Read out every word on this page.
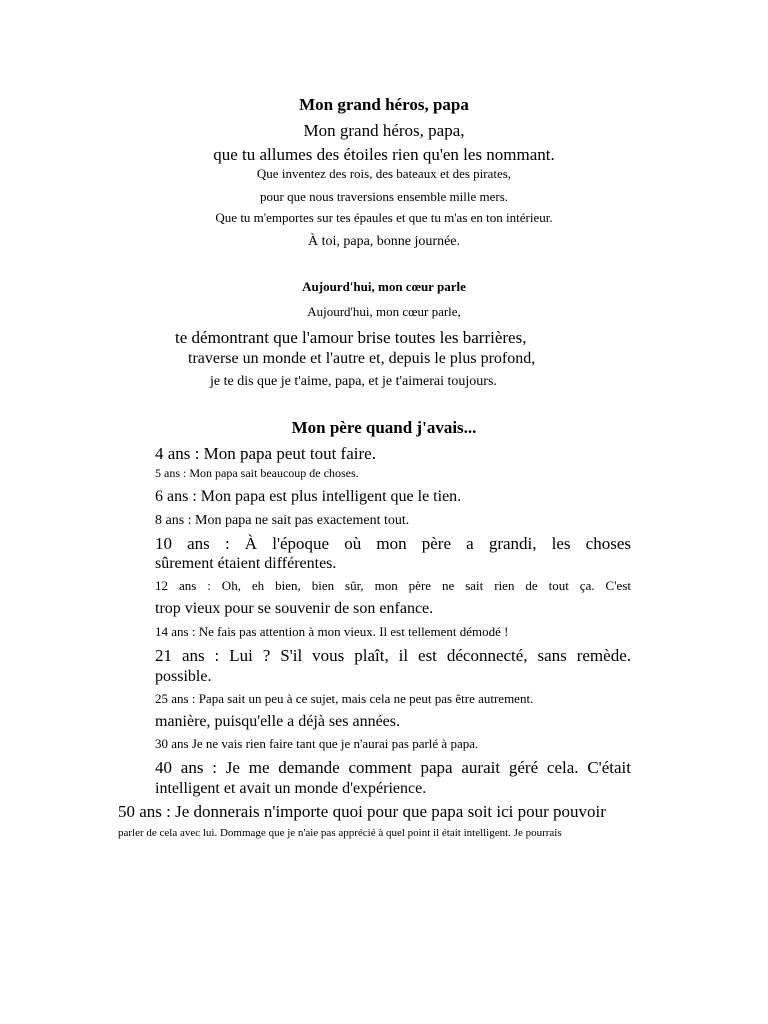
Mon grand héros, papa
Mon grand héros, papa,
que tu allumes des étoiles rien qu'en les nommant.
Que inventez des rois, des bateaux et des pirates,
pour que nous traversions ensemble mille mers.
Que tu m'emportes sur tes épaules et que tu m'as en ton intérieur.
À toi, papa, bonne journée.
Aujourd'hui, mon cœur parle
Aujourd'hui, mon cœur parle,
te démontrant que l'amour brise toutes les barrières,
traverse un monde et l'autre et, depuis le plus profond,
je te dis que je t'aime, papa, et je t'aimerai toujours.
Mon père quand j'avais...
4 ans : Mon papa peut tout faire.
5 ans : Mon papa sait beaucoup de choses.
6 ans : Mon papa est plus intelligent que le tien.
8 ans : Mon papa ne sait pas exactement tout.
10 ans : À l'époque où mon père a grandi, les choses
sûrement étaient différentes.
12 ans : Oh, eh bien, bien sûr, mon père ne sait rien de tout ça. C'est
trop vieux pour se souvenir de son enfance.
14 ans : Ne fais pas attention à mon vieux. Il est tellement démodé !
21 ans : Lui ? S'il vous plaît, il est déconnecté, sans remède.
possible.
25 ans : Papa sait un peu à ce sujet, mais cela ne peut pas être autrement.
manière, puisqu'elle a déjà ses années.
30 ans Je ne vais rien faire tant que je n'aurai pas parlé à papa.
40 ans : Je me demande comment papa aurait géré cela. C'était
intelligent et avait un monde d'expérience.
50 ans : Je donnerais n'importe quoi pour que papa soit ici pour pouvoir
parler de cela avec lui. Dommage que je n'aie pas apprécié à quel point il était intelligent. Je pourrais
